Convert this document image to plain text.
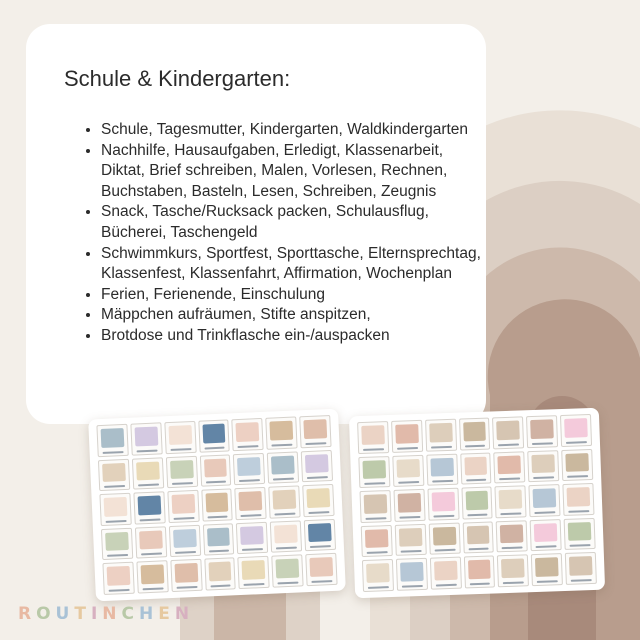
Schule & Kindergarten:
• Schule, Tagesmutter, Kindergarten, Waldkindergarten
• Nachhilfe, Hausaufgaben, Erledigt, Klassenarbeit, Diktat, Brief schreiben, Malen, Vorlesen, Rechnen, Buchstaben, Basteln, Lesen, Schreiben, Zeugnis
• Snack, Tasche/Rucksack packen, Schulausflug, Bücherei, Taschengeld
• Schwimmkurs, Sportfest, Sporttasche, Elternsprechtag, Klassenfest, Klassenfahrt, Affirmation, Wochenplan
• Ferien, Ferienende, Einschulung
• Mäppchen aufräumen, Stifte anspitzen,
• Brotdose und Trinkflasche ein-/auspacken
ROUTINCHEN
